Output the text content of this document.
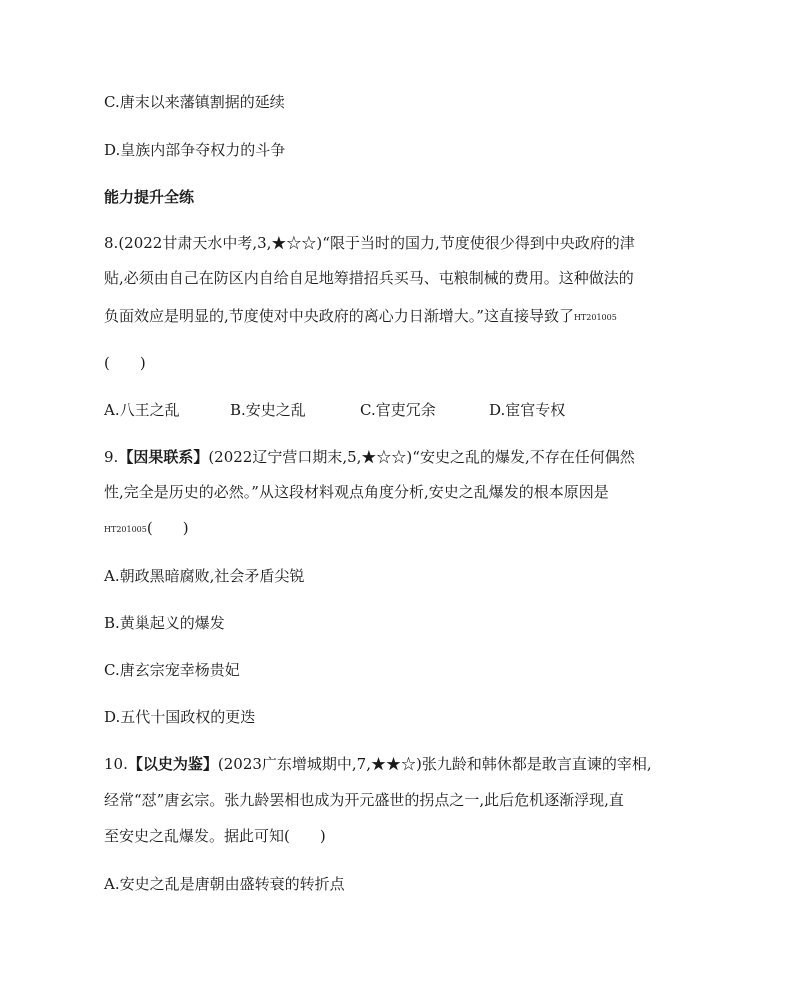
C.唐末以来藩镇割据的延续
D.皇族内部争夺权力的斗争
能力提升全练
8.(2022甘肃天水中考,3,★☆☆)“限于当时的国力,节度使很少得到中央政府的津
贴,必须由自己在防区内自给自足地筹措招兵买马、屯粮制械的费用。这种做法的
负面效应是明显的,节度使对中央政府的离心力日渐增大。”这直接导致了HT201005
(　　)
A.八王之乱	B.安史之乱	C.官吏冗余	D.宦官专权
9.【因果联系】(2022辽宁营口期末,5,★☆☆)“安史之乱的爆发,不存在任何偶然
性,完全是历史的必然。”从这段材料观点角度分析,安史之乱爆发的根本原因是
HT201005(　　)
A.朝政黑暗腐败,社会矛盾尖锐
B.黄巢起义的爆发
C.唐玄宗宠幸杨贵妃
D.五代十国政权的更迭
10.【以史为鉴】(2023广东增城期中,7,★★☆)张九龄和韩休都是敢言直谏的宰相,
经常“怼”唐玄宗。张九龄罢相也成为开元盛世的拐点之一,此后危机逐渐浮现,直
至安史之乱爆发。据此可知(　　)
A.安史之乱是唐朝由盛转衰的转折点
